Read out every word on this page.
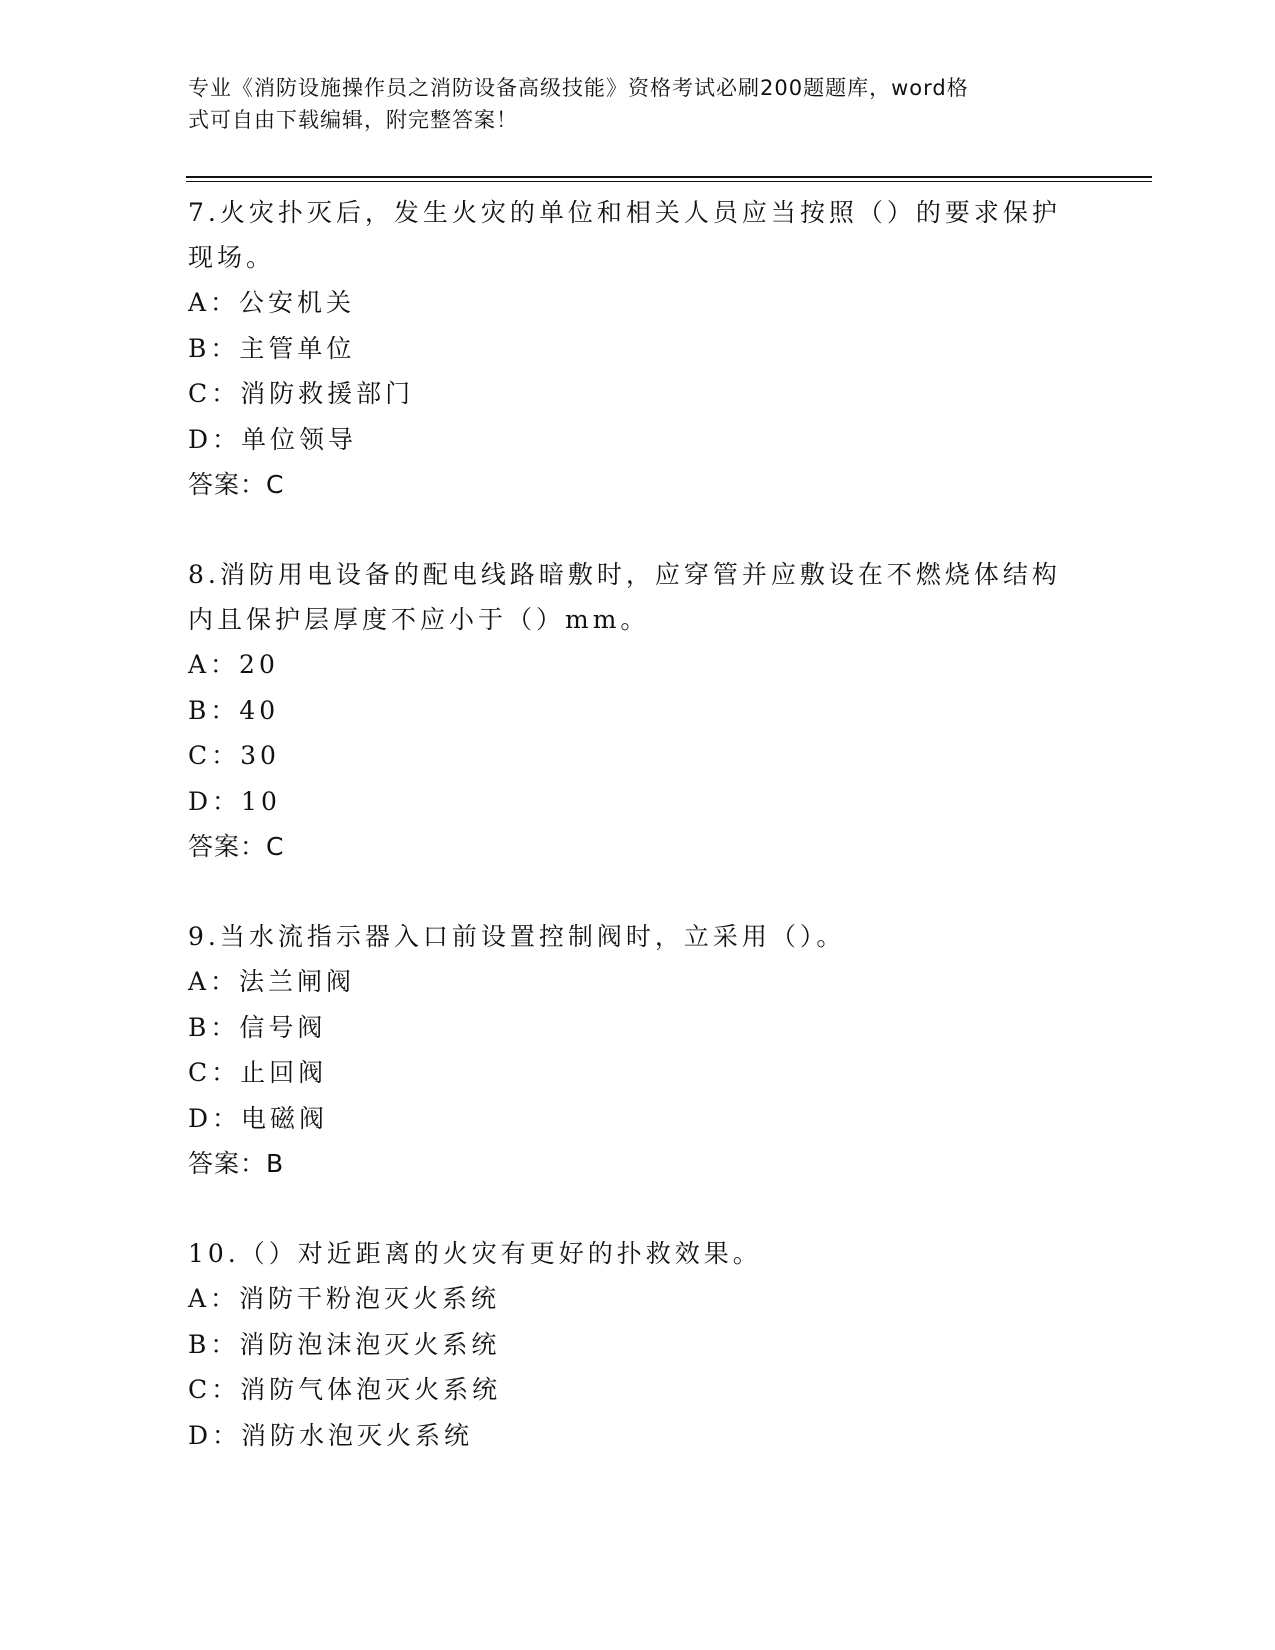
专业《消防设施操作员之消防设备高级技能》资格考试必刷200题题库，word格
式可自由下载编辑，附完整答案！
7.火灾扑灭后，发生火灾的单位和相关人员应当按照（）的要求保护
现场。
A：公安机关
B：主管单位
C：消防救援部门
D：单位领导
答案：C
8.消防用电设备的配电线路暗敷时，应穿管并应敷设在不燃烧体结构
内且保护层厚度不应小于（）mm。
A：20
B：40
C：30
D：10
答案：C
9.当水流指示器入口前设置控制阀时，立采用（）。
A：法兰闸阀
B：信号阀
C：止回阀
D：电磁阀
答案：B
10.（）对近距离的火灾有更好的扑救效果。
A：消防干粉泡灭火系统
B：消防泡沫泡灭火系统
C：消防气体泡灭火系统
D：消防水泡灭火系统
